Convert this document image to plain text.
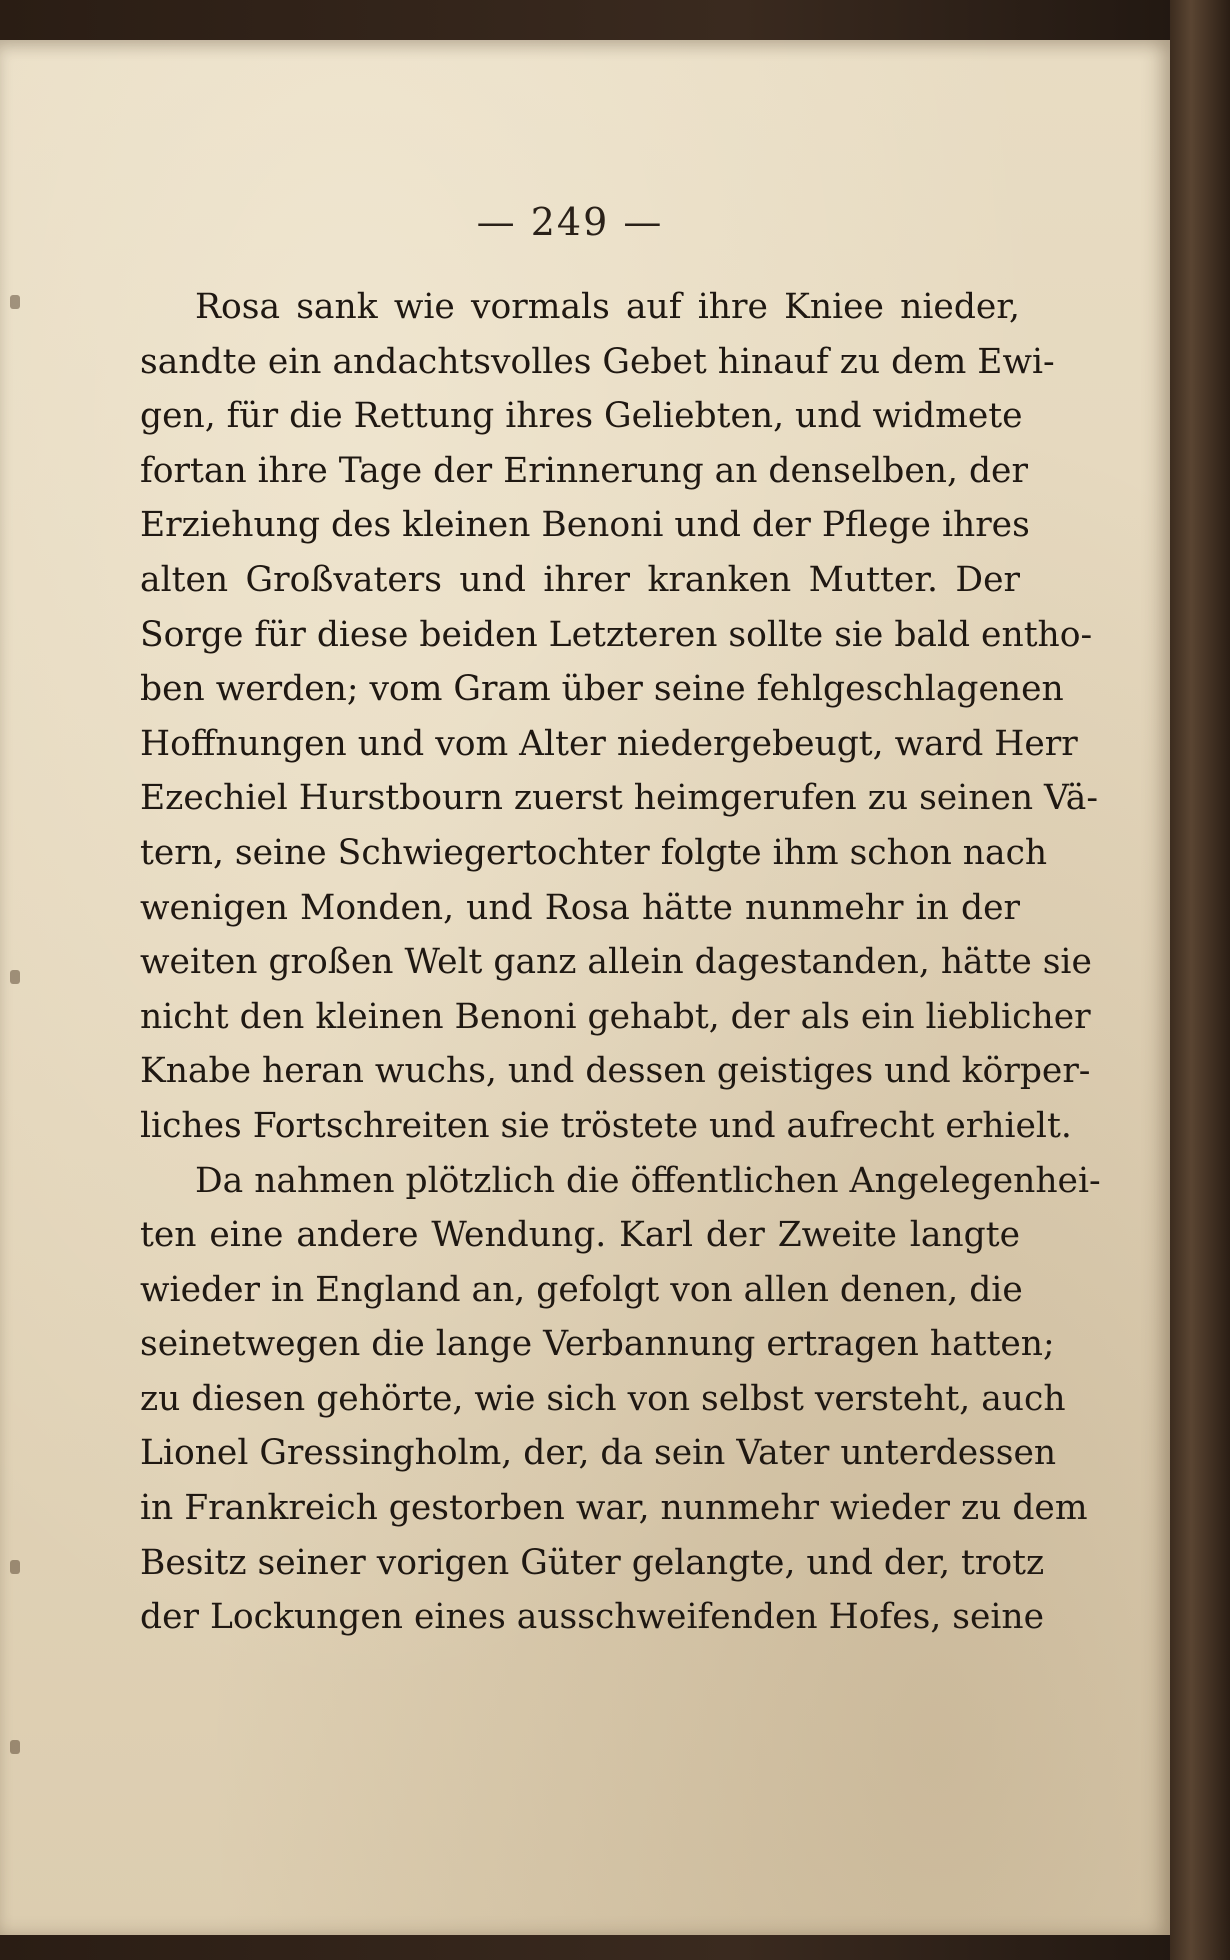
— 249 —
Rosa sank wie vormals auf ihre Kniee nieder,
sandte ein andachtsvolles Gebet hinauf zu dem Ewi-
gen, für die Rettung ihres Geliebten, und widmete
fortan ihre Tage der Erinnerung an denselben, der
Erziehung des kleinen Benoni und der Pflege ihres
alten Großvaters und ihrer kranken Mutter. Der
Sorge für diese beiden Letzteren sollte sie bald entho-
ben werden; vom Gram über seine fehlgeschlagenen
Hoffnungen und vom Alter niedergebeugt, ward Herr
Ezechiel Hurstbourn zuerst heimgerufen zu seinen Vä-
tern, seine Schwiegertochter folgte ihm schon nach
wenigen Monden, und Rosa hätte nunmehr in der
weiten großen Welt ganz allein dagestanden, hätte sie
nicht den kleinen Benoni gehabt, der als ein lieblicher
Knabe heran wuchs, und dessen geistiges und körper-
liches Fortschreiten sie tröstete und aufrecht erhielt.
Da nahmen plötzlich die öffentlichen Angelegenhei-
ten eine andere Wendung. Karl der Zweite langte
wieder in England an, gefolgt von allen denen, die
seinetwegen die lange Verbannung ertragen hatten;
zu diesen gehörte, wie sich von selbst versteht, auch
Lionel Gressingholm, der, da sein Vater unterdessen
in Frankreich gestorben war, nunmehr wieder zu dem
Besitz seiner vorigen Güter gelangte, und der, trotz
der Lockungen eines ausschweifenden Hofes, seine
